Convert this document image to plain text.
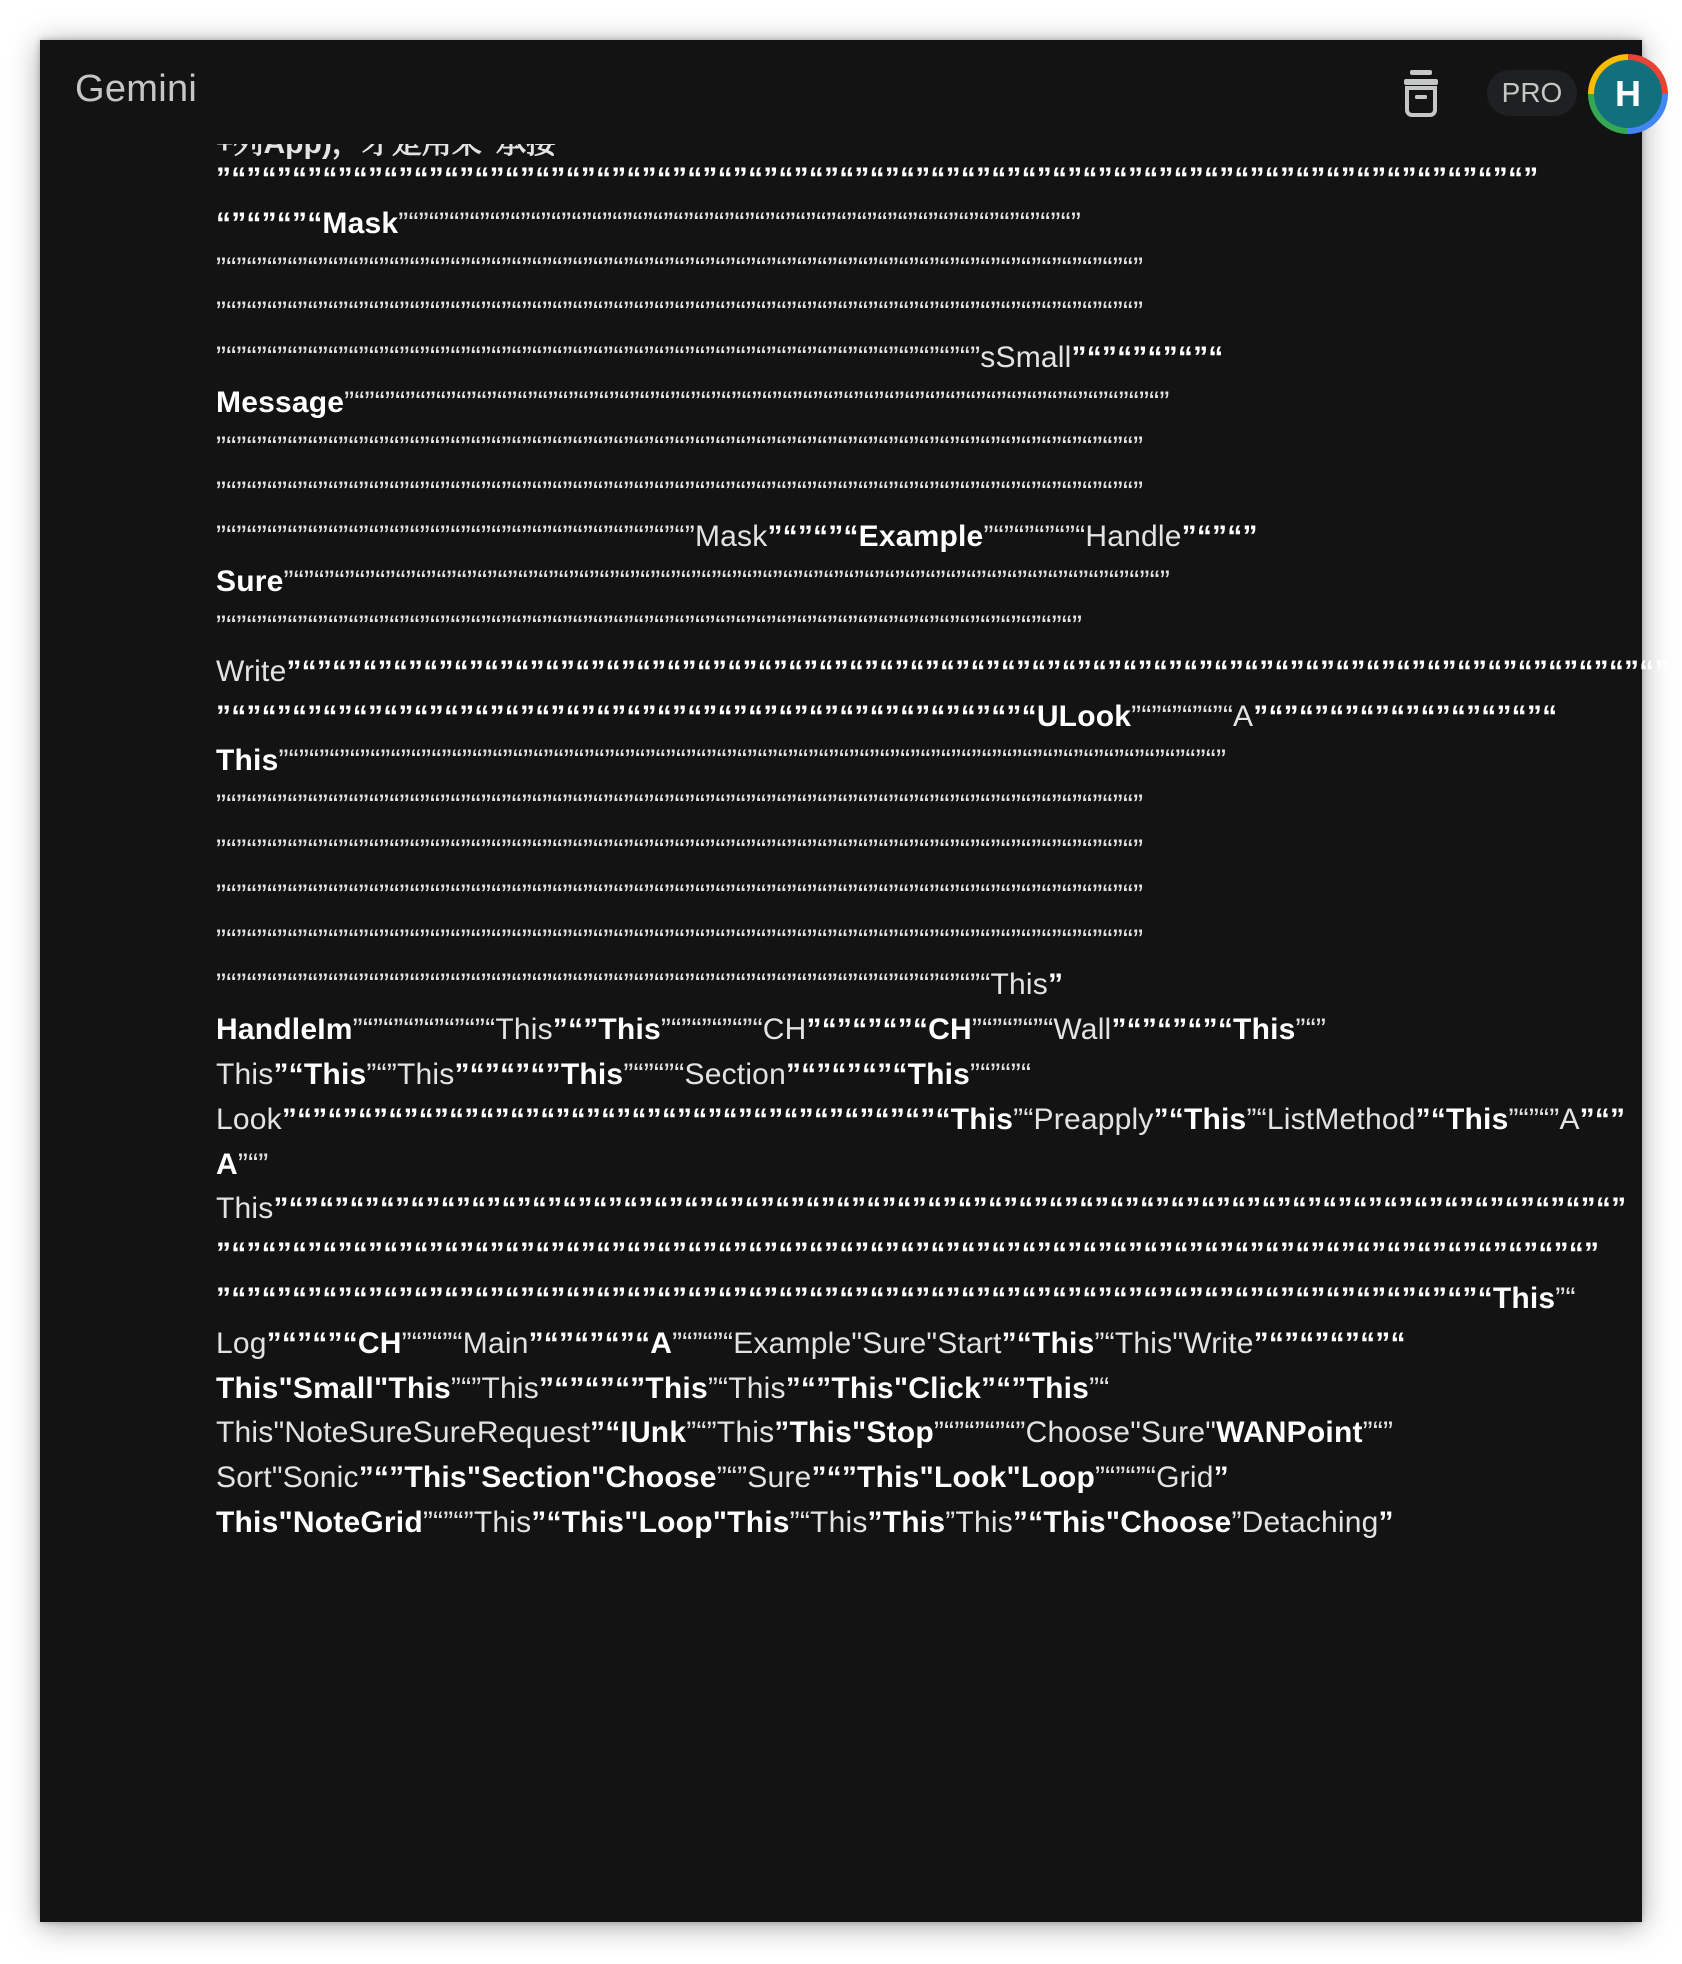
Gemini	PRO	H
”“”“”“”“”“”“”“”“”“”“”“”“”“”“”“”“”“”“”“”“”“”“”“”“”“”“”“”“”“”“”“”“”“”“”“”“”“”“”“”“”“”“”“”
“”“”“”“Mask”“”“”“”“”“”“”“”“”“”“”“”“”“”“”“”“”“”“”“”“”“”“”“”“”“”“”“”“”“”“”“”“”“”
”“”“”“”“”“”“”“”“”“”“”“”“”“”“”“”“”“”“”“”“”“”“”“”“”“”“”“”“”“”“”“”“”“”“”“”“”“”“”“”“”“”“”“”“”“”
”“”“”“”“”“”“”“”“”“”“”“”“”“”“”“”“”“”“”“”“”“”“”“”“”“”“”“”“”“”“”“”“”“”“”“”“”“”“”“”“”“”“”“”“”“”
”“”“”“”“”“”“”“”“”“”“”“”“”“”“”“”“”“”“”“”“”“”“”“”“”“”“”“”“”“”“”“”“”“”“”“”“”“”sSmall”“”“”“”“”“
Message”“”“”“”“”“”“”“”“”“”“”“”“”“”“”“”“”“”“”“”“”“”“”“”“”“”“”“”“”“”“”“”“”“”“”“”“”“”“”“”“”
”“”“”“”“”“”“”“”“”“”“”“”“”“”“”“”“”“”“”“”“”“”“”“”“”“”“”“”“”“”“”“”“”“”“”“”“”“”“”“”“”“”“”“”“”“”
”“”“”“”“”“”“”“”“”“”“”“”“”“”“”“”“”“”“”“”“”“”“”“”“”“”“”“”“”“”“”“”“”“”“”“”“”“”“”“”“”“”“”“”“”“”
”“”“”“”“”“”“”“”“”“”“”“”“”“”“”“”“”“”“”“”“”“”“”“”Mask”“”“”“Example”“”“”“”“”“Handle”“”“”
Sure”“”“”“”“”“”“”“”“”“”“”“”“”“”“”“”“”“”“”“”“”“”“”“”“”“”“”“”“”“”“”“”“”“”“”“”“”“”“”“”“”“”“”“”
”“”“”“”“”“”“”“”“”“”“”“”“”“”“”“”“”“”“”“”“”“”“”“”“”“”“”“”“”“”“”“”“”“”“”“”“”“”“”“”“”“”“”
Write”“”“”“”“”“”“”“”“”“”“”“”“”“”“”“”“”“”“”“”“”“”“”“”“”“”“”“”“”“”“”“”“”“”“”“”“”“”“”“”“”“”“”“”“”“”
”“”“”“”“”“”“”“”“”“”“”“”“”“”“”“”“”“”“”“”“”“”“”“”“”“”“”“ULook”“”“”“”“”“A”“”“”“”“”“”“”“”“”“”“
This”“”“”“”“”“”“”“”“”“”“”“”“”“”“”“”“”“”“”“”“”“”“”“”“”“”“”“”“”“”“”“”“”“”“”“”“”“”“”“”“”“”“”“”“”“”“”
”“”“”“”“”“”“”“”“”“”“”“”“”“”“”“”“”“”“”“”“”“”“”“”“”“”“”“”“”“”“”“”“”“”“”“”“”“”“”“”“”“”“”“”“”“”
”“”“”“”“”“”“”“”“”“”“”“”“”“”“”“”“”“”“”“”“”“”“”“”“”“”“”“”“”“”“”“”“”“”“”“”“”“”“”“”“”“”“”“”“”“”
”“”“”“”“”“”“”“”“”“”“”“”“”“”“”“”“”“”“”“”“”“”“”“”“”“”“”“”“”“”“”“”“”“”“”“”“”“”“”“”“”“”“”“”“”“”
”“”“”“”“”“”“”“”“”“”“”“”“”“”“”“”“”“”“”“”“”“”“”“”“”“”“”“”“”“”“”“”“”“”“”“”“”“”“”“”“”“”“”“”“”“”
”“”“”“”“”“”“”“”“”“”“”“”“”“”“”“”“”“”“”“”“”“”“”“”“”“”“”“”“”“”“”“”“”“”“”“”“”“”“This”
HandleIm”“”“”“”“”“”“”“This”“”This”“”“”“”“”“CH”“”“”“”“CH”“”“”“”“Wall”“”“”“”“This”“”
This”“This”“”This”“”“”“”This”“”“”“Section”“”“”“”“This”“”“”“
Look”“”“”“”“”“”“”“”“”“”“”“”“”“”“”“”“”“”“”“”“”“”“This”“Preapply”“This”“ListMethod”“This”“”“”A”“”
A”“”
This”“”“”“”“”“”“”“”“”“”“”“”“”“”“”“”“”“”“”“”“”“”“”“”“”“”“”“”“”“”“”“”“”“”“”“”“”“”“”“”“”“”“”“”“”
”“”“”“”“”“”“”“”“”“”“”“”“”“”“”“”“”“”“”“”“”“”“”“”“”“”“”“”“”“”“”“”“”“”“”“”“”“”“”“”“”“”“”“”“”“”
”“”“”“”“”“”“”“”“”“”“”“”“”“”“”“”“”“”“”“”“”“”“”“”“”“”“”“”“”“”“”“”“”“”“”“”“”“”“”“”“”“”“This”“
Log”“”“”“CH”“”“”“Main”“”“”“”“A”“”“”“Example"Sure"Start”“This”“This"Write”“”“”“”“”“
This"Small"This”“”This”“”“”“”This”“This”“”This"Click”“”This”“
This"NoteSureSureRequest”“IUnk”“”This”This"Stop”“”“”“”“”Choose"Sure"WANPoint”“”
Sort"Sonic”“”This"Section"Choose”“”Sure”“”This"Look"Loop”“”“”“Grid”
This"NoteGrid”“”“”This”“This"Loop"This”“This”This”This”“This"Choose”Detaching”
